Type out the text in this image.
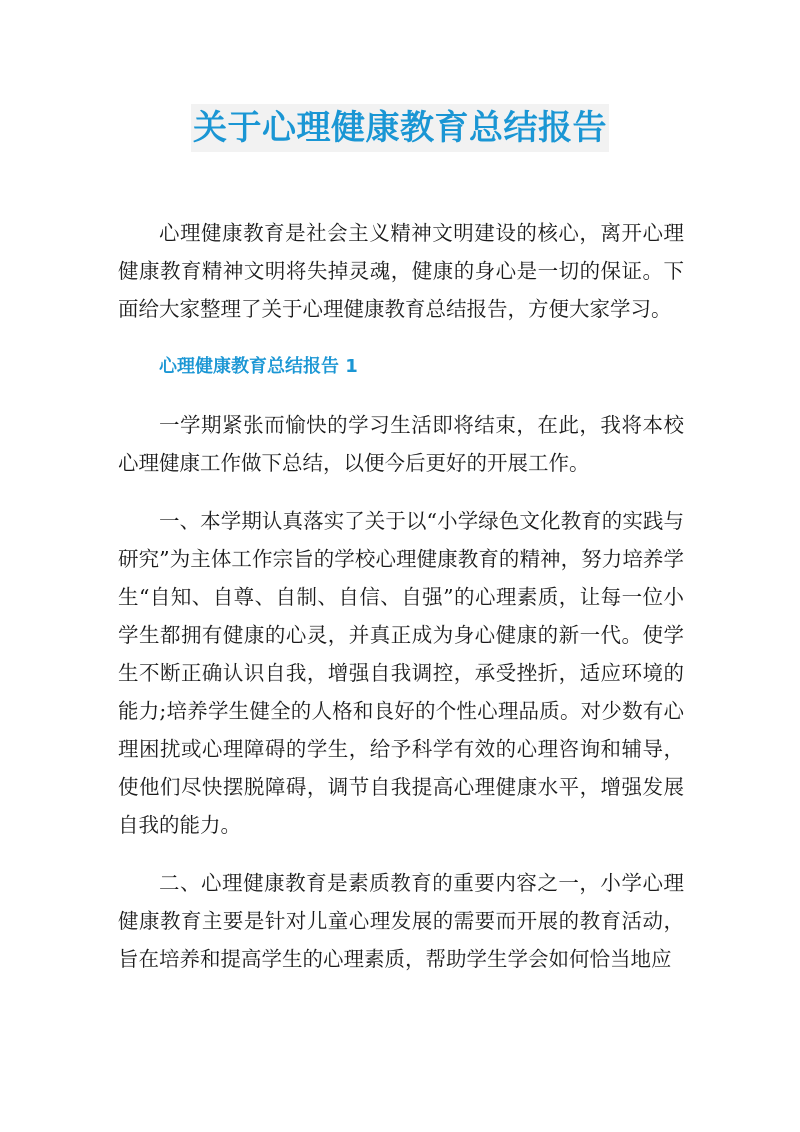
关于心理健康教育总结报告

心理健康教育是社会主义精神文明建设的核心，离开心理健康教育精神文明将失掉灵魂，健康的身心是一切的保证。下面给大家整理了关于心理健康教育总结报告，方便大家学习。

心理健康教育总结报告 1

一学期紧张而愉快的学习生活即将结束，在此，我将本校心理健康工作做下总结，以便今后更好的开展工作。

一、本学期认真落实了关于以“小学绿色文化教育的实践与研究”为主体工作宗旨的学校心理健康教育的精神，努力培养学生“自知、自尊、自制、自信、自强”的心理素质，让每一位小学生都拥有健康的心灵，并真正成为身心健康的新一代。使学生不断正确认识自我，增强自我调控，承受挫折，适应环境的能力;培养学生健全的人格和良好的个性心理品质。对少数有心理困扰或心理障碍的学生，给予科学有效的心理咨询和辅导，使他们尽快摆脱障碍，调节自我提高心理健康水平，增强发展自我的能力。

二、心理健康教育是素质教育的重要内容之一，小学心理健康教育主要是针对儿童心理发展的需要而开展的教育活动，旨在培养和提高学生的心理素质，帮助学生学会如何恰当地应
